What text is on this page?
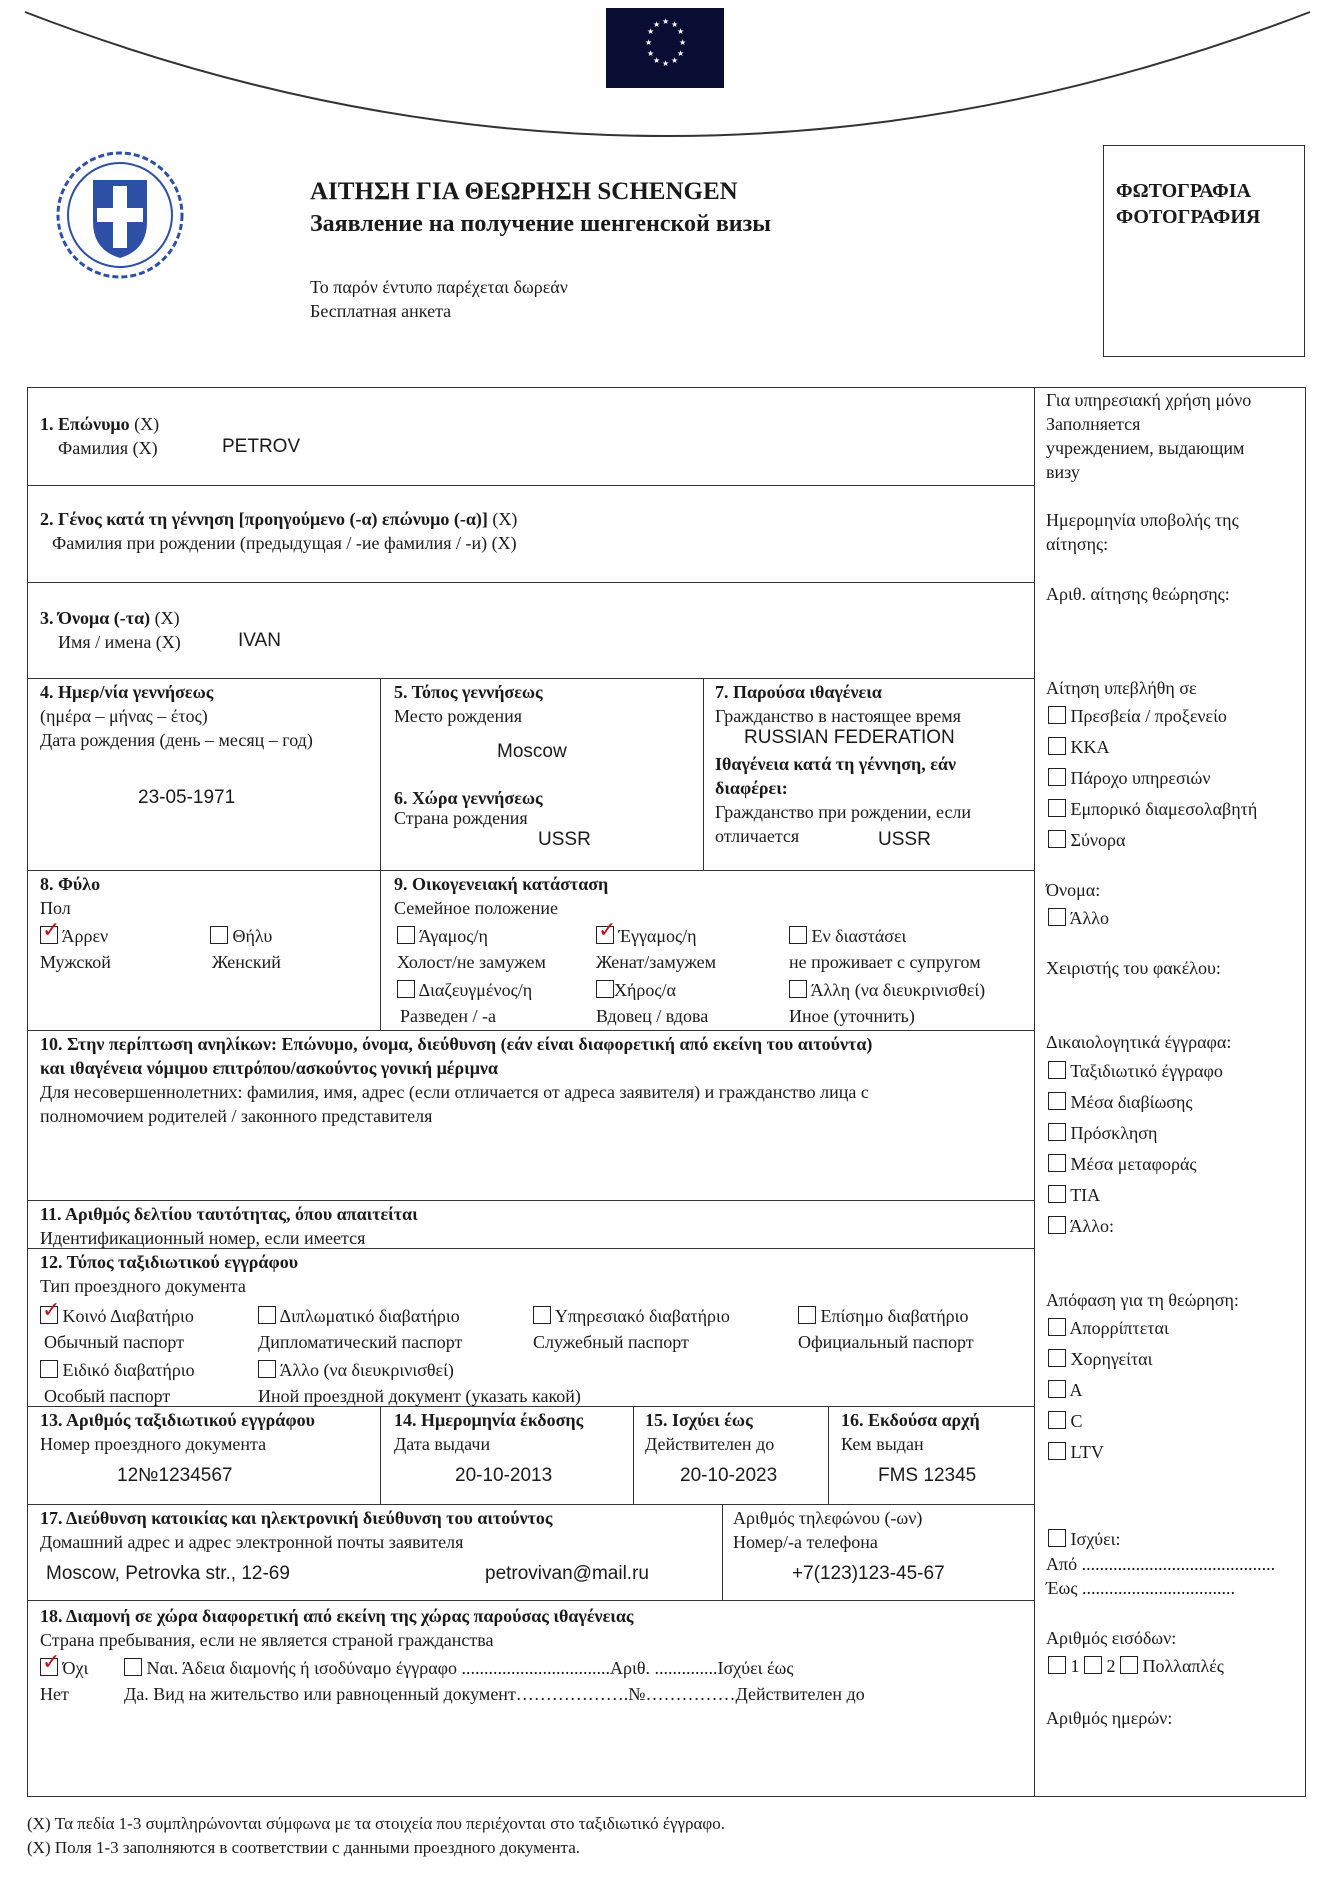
★ ★
★
★
★
★
★
★
★
★
★
★
ΑΙΤΗΣΗ ΓΙΑ ΘΕΩΡΗΣΗ SCHENGEN
Заявление на получение шенгенской визы
Το παρόν έντυπο παρέχεται δωρεάν
Бесплатная анкета
ΦΩΤΟΓΡΑΦΙΑ
ФОТОГРАФИЯ
1. Επώνυμο (X)
Фамилия (X)	PETROV
2. Γένος κατά τη γέννηση [προηγούμενο (-α) επώνυμο (-α)] (X)
Фамилия при рождении (предыдущая / -ие фамилия / -и) (X)
3. Όνομα (-τα) (X)
Имя / имена (X)	IVAN
4. Ημερ/νία γεννήσεως
(ημέρα – μήνας – έτος)
Дата рождения (день – месяц – год)
23-05-1971
5. Τόπος γεννήσεως
Место рождения
Moscow
6. Χώρα γεννήσεως
Страна рождения
USSR
7. Παρούσα ιθαγένεια
Гражданство в настоящее время
RUSSIAN FEDERATION
Ιθαγένεια κατά τη γέννηση, εάν
διαφέρει:
Гражданство при рождении, если
отличается	USSR
8. Φύλο
Пол
✓ Άρρεν
Мужской
Θήλυ
Женский
9. Οικογενειακή κατάσταση
Семейное положение
Άγαμος/η
Холост/не замужем
✓ Έγγαμος/η
Женат/замужем
Εν διαστάσει
не проживает с супругом
Διαζευγμένος/η
Разведен / -а
Χήρος/α
Вдовец / вдова
Άλλη (να διευκρινισθεί)
Иное (уточнить)
10. Στην περίπτωση ανηλίκων: Επώνυμο, όνομα, διεύθυνση (εάν είναι διαφορετική από εκείνη του αιτούντα)
και ιθαγένεια νόμιμου επιτρόπου/ασκούντος γονική μέριμνα
Для несовершеннолетних: фамилия, имя, адрес (если отличается от адреса заявителя) и гражданство лица с
полномочием родителей / законного представителя
11. Αριθμός δελτίου ταυτότητας, όπου απαιτείται
Идентификационный номер, если имеется
12. Τύπος ταξιδιωτικού εγγράφου
Тип проездного документа
✓ Κοινό Διαβατήριο
Обычный паспорт
Διπλωματικό διαβατήριο
Дипломатический паспорт
Υπηρεσιακό διαβατήριο
Служебный паспорт
Επίσημο διαβατήριο
Официальный паспорт
Ειδικό διαβατήριο
Особый паспорт
Άλλο (να διευκρινισθεί)
Иной проездной документ (указать какой)
13. Αριθμός ταξιδιωτικού εγγράφου
Номер проездного документа
12№1234567
14. Ημερομηνία έκδοσης
Дата выдачи
20-10-2013
15. Ισχύει έως
Действителен до
20-10-2023
16. Εκδούσα αρχή
Кем выдан
FMS 12345
17. Διεύθυνση κατοικίας και ηλεκτρονική διεύθυνση του αιτούντος
Домашний адрес и адрес электронной почты заявителя
Moscow, Petrovka str., 12-69	petrovivan@mail.ru
Αριθμός τηλεφώνου (-ων)
Номер/-а телефона
+7(123)123-45-67
18. Διαμονή σε χώρα διαφορετική από εκείνη της χώρας παρούσας ιθαγένειας
Страна пребывания, если не является страной гражданства
✓ Όχι
Нет
Ναι. Άδεια διαμονής ή ισοδύναμο έγγραφο .................................Αριθ. ..............Ισχύει έως
Да. Вид на жительство или равноценный документ……………….№……………Действителен до
Για υπηρεσιακή χρήση μόνο
Заполняется
учреждением, выдающим
визу
Ημερομηνία υποβολής της
αίτησης:
Αριθ. αίτησης θεώρησης:
Αίτηση υπεβλήθη σε
Πρεσβεία / προξενείο
ΚΚΑ
Πάροχο υπηρεσιών
Εμπορικό διαμεσολαβητή
Σύνορα
Όνομα:
Άλλο
Χειριστής του φακέλου:
Δικαιολογητικά έγγραφα:
Ταξιδιωτικό έγγραφο
Μέσα διαβίωσης
Πρόσκληση
Μέσα μεταφοράς
ΤΙΑ
Άλλο:
Απόφαση για τη θεώρηση:
Απορρίπτεται
Χορηγείται
A
C
LTV
Ισχύει:
Από ...........................................
Έως ..................................
Αριθμός εισόδων:
1 2 Πολλαπλές
Αριθμός ημερών:
(X) Τα πεδία 1-3 συμπληρώνονται σύμφωνα με τα στοιχεία που περιέχονται στο ταξιδιωτικό έγγραφο.
(X) Поля 1-3 заполняются в соответствии с данными проездного документа.
